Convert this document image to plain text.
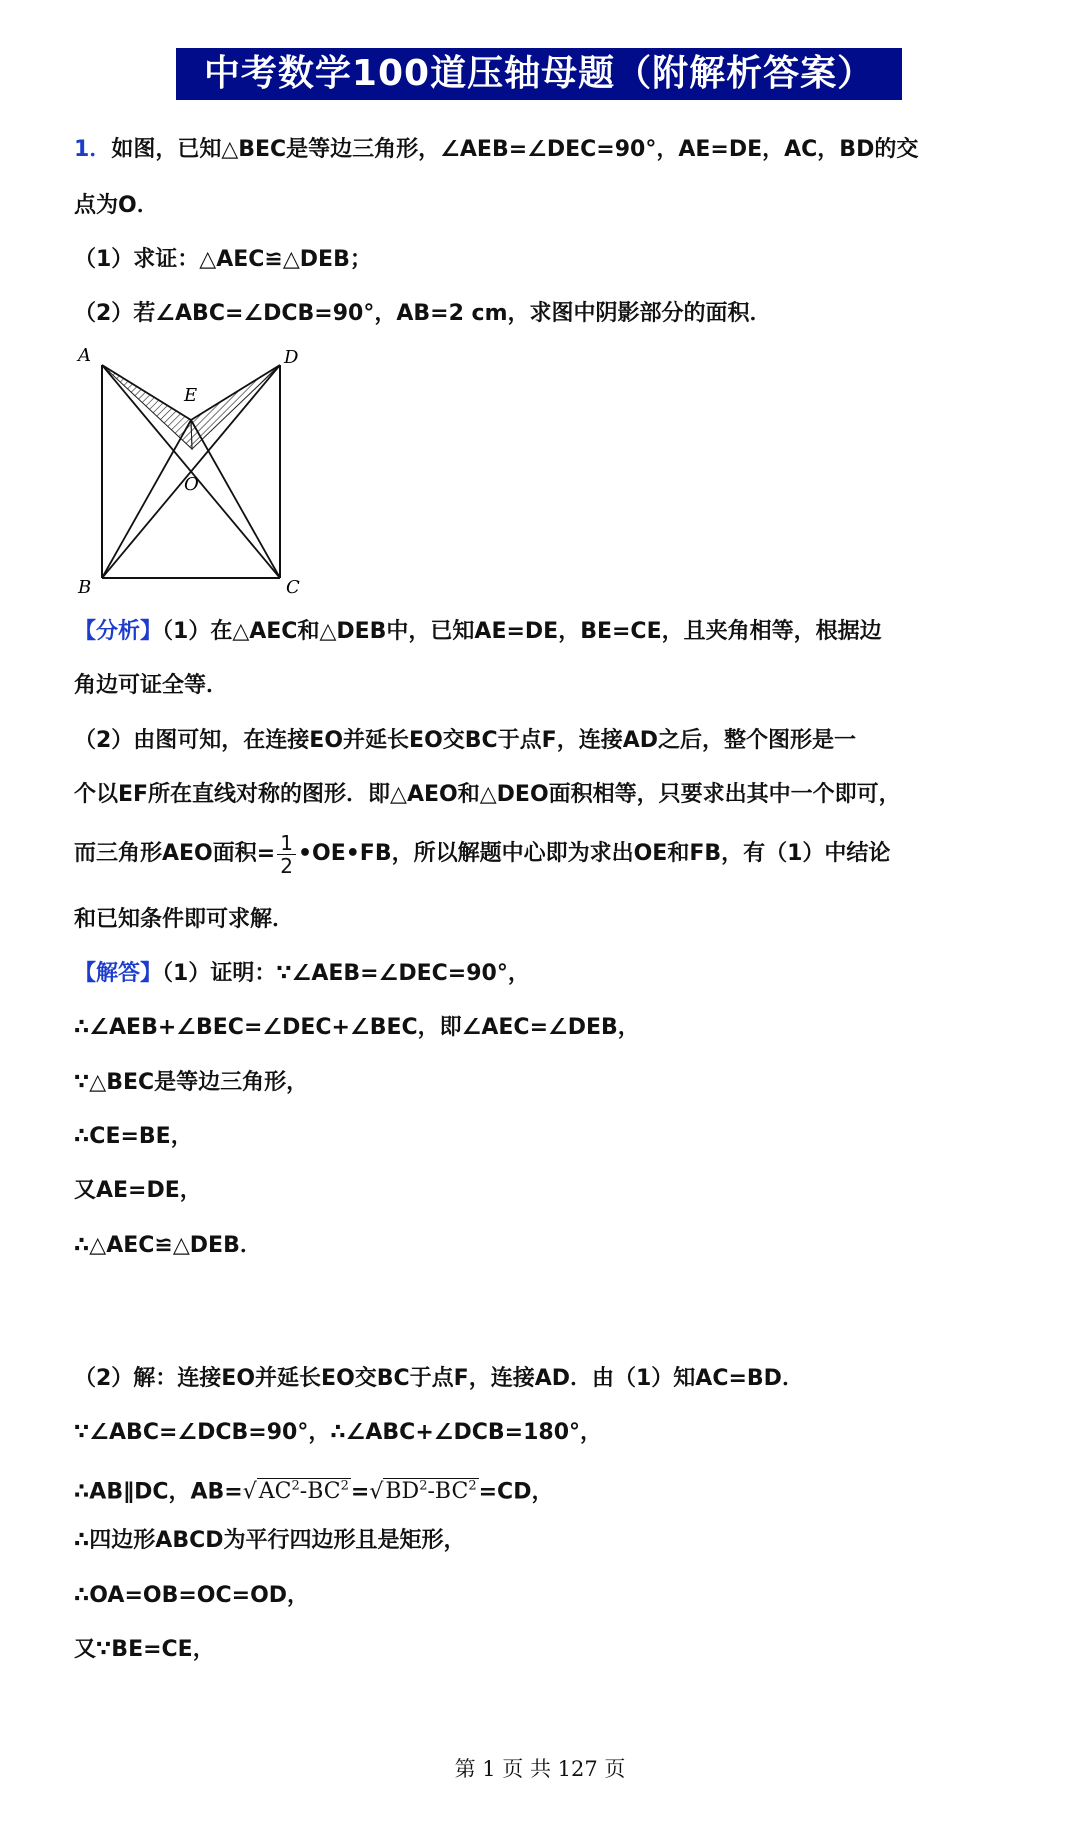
中考数学100道压轴母题（附解析答案）
1．如图，已知△BEC是等边三角形，∠AEB=∠DEC=90°，AE=DE，AC，BD的交
点为O．
（1）求证：△AEC≌△DEB；
（2）若∠ABC=∠DCB=90°，AB=2 cm，求图中阴影部分的面积．
A	D
E
O
B	C
【分析】（1）在△AEC和△DEB中，已知AE=DE，BE=CE，且夹角相等，根据边
角边可证全等．
（2）由图可知，在连接EO并延长EO交BC于点F，连接AD之后，整个图形是一
个以EF所在直线对称的图形．即△AEO和△DEO面积相等，只要求出其中一个即可，
而三角形AEO面积= $\frac{1}{2}$ •OE•FB，所以解题中心即为求出OE和FB，有（1）中结论
和已知条件即可求解．
【解答】（1）证明：∵∠AEB=∠DEC=90°，
∴∠AEB+∠BEC=∠DEC+∠BEC，即∠AEC=∠DEB，
∵△BEC是等边三角形，
∴CE=BE，
又AE=DE，
∴△AEC≌△DEB．
（2）解：连接EO并延长EO交BC于点F，连接AD．由（1）知AC=BD．
∵∠ABC=∠DCB=90°，∴∠ABC+∠DCB=180°，
∴AB∥DC，$AB=√AC^2-BC^2=√BD^2-BC^2=CD$，
∴四边形ABCD为平行四边形且是矩形，
∴OA=OB=OC=OD，
又∵BE=CE，
第 1 页 共 127 页
